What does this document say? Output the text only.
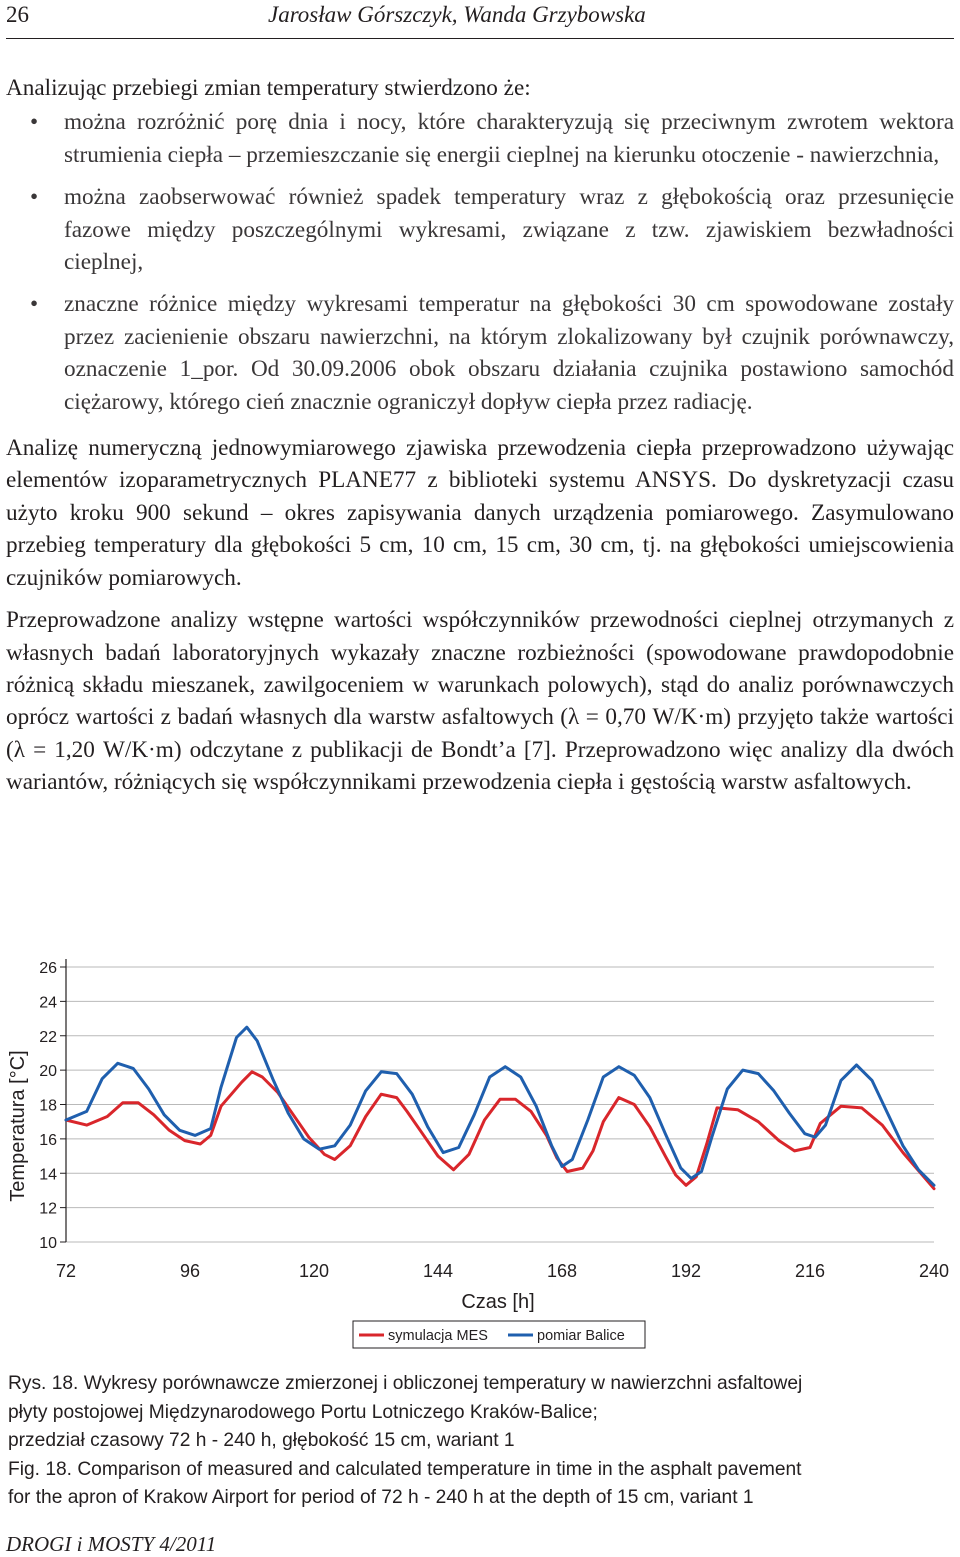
26	Jarosław Górszczyk, Wanda Grzybowska

Analizując przebiegi zmian temperatury stwierdzono że:

• można rozróżnić porę dnia i nocy, które charakteryzują się przeciwnym zwrotem wektora strumienia ciepła – przemieszczanie się energii cieplnej na kierunku otoczenie - nawierzchnia,
• można zaobserwować również spadek temperatury wraz z głębokością oraz przesunięcie fazowe między poszczególnymi wykresami, związane z tzw. zjawiskiem bezwładności cieplnej,
• znaczne różnice między wykresami temperatur na głębokości 30 cm spowodowane zostały przez zacienienie obszaru nawierzchni, na którym zlokalizowany był czujnik porównawczy, oznaczenie 1_por. Od 30.09.2006 obok obszaru działania czujnika postawiono samochód ciężarowy, którego cień znacznie ograniczył dopływ ciepła przez radiację.

Analizę numeryczną jednowymiarowego zjawiska przewodzenia ciepła przeprowadzono używając elementów izoparametrycznych PLANE77 z biblioteki systemu ANSYS. Do dyskretyzacji czasu użyto kroku 900 sekund – okres zapisywania danych urządzenia pomiarowego. Zasymulowano przebieg temperatury dla głębokości 5 cm, 10 cm, 15 cm, 30 cm, tj. na głębokości umiejscowienia czujników pomiarowych.

Przeprowadzone analizy wstępne wartości współczynników przewodności cieplnej otrzymanych z własnych badań laboratoryjnych wykazały znaczne rozbieżności (spowodowane prawdopodobnie różnicą składu mieszanek, zawilgoceniem w warunkach polowych), stąd do analiz porównawczych oprócz wartości z badań własnych dla warstw asfaltowych (λ = 0,70 W/K·m) przyjęto także wartości (λ = 1,20 W/K·m) odczytane z publikacji de Bondt’a [7]. Przeprowadzono więc analizy dla dwóch wariantów, różniących się współczynnikami przewodzenia ciepła i gęstością warstw asfaltowych.

10
12
14
16
18
20
22
24
26
72	96	120	144	168	192	216	240
Czas [h]
Temperatura [°C]
symulacja MES	pomiar Balice
Rys. 18. Wykresy porównawcze zmierzonej i obliczonej temperatury w nawierzchni asfaltowej
płyty postojowej Międzynarodowego Portu Lotniczego Kraków-Balice;
przedział czasowy 72 h - 240 h, głębokość 15 cm, wariant 1
Fig. 18. Comparison of measured and calculated temperature in time in the asphalt pavement
for the apron of Krakow Airport for period of 72 h - 240 h at the depth of 15 cm, variant 1
DROGI i MOSTY 4/2011
